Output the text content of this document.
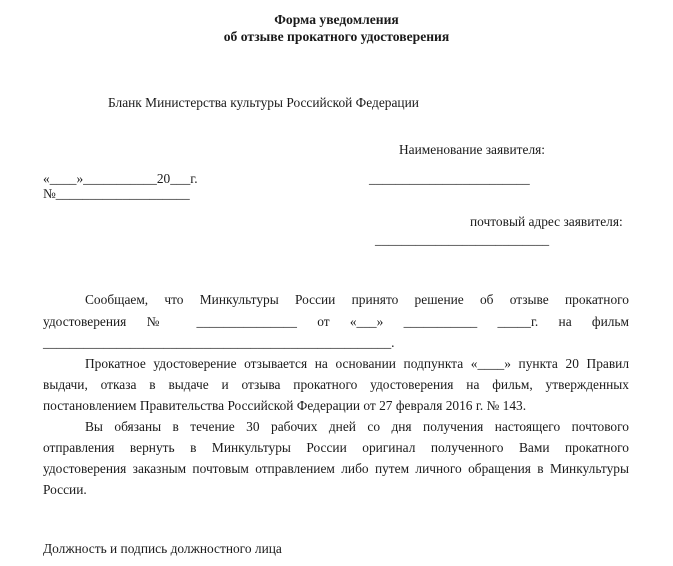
Форма уведомления
об отзыве прокатного удостоверения
Бланк Министерства культуры Российской Федерации
Наименование заявителя:
«____»___________20___г.	________________________
№____________________
почтовый адрес заявителя:
__________________________
Сообщаем, что Минкультуры России принято решение об отзыве прокатного
удостоверения № _______________ от «___» ___________ _____г. на фильм
____________________________________________________.
Прокатное удостоверение отзывается на основании подпункта «____» пункта 20 Правил
выдачи, отказа в выдаче и отзыва прокатного удостоверения на фильм, утвержденных
постановлением Правительства Российской Федерации от 27 февраля 2016 г. № 143.
Вы обязаны в течение 30 рабочих дней со дня получения настоящего почтового
отправления вернуть в Минкультуры России оригинал полученного Вами прокатного
удостоверения заказным почтовым отправлением либо путем личного обращения в Минкультуры
России.
Должность и подпись должностного лица
